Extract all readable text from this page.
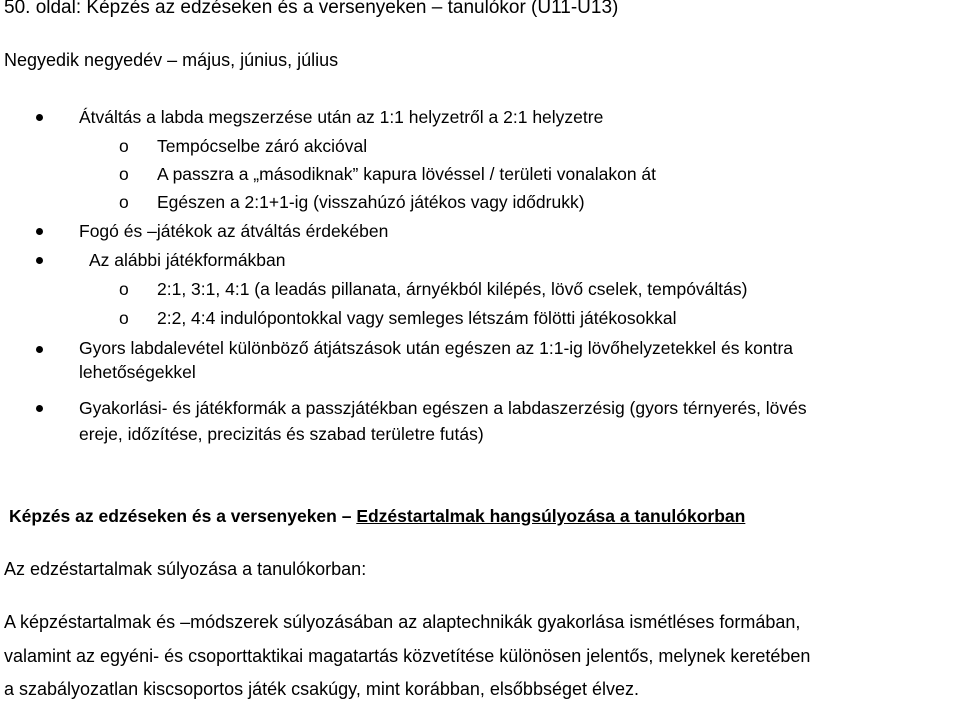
50. oldal: Képzés az edzéseken és a versenyeken – tanulókor (U11-U13)
Negyedik negyedév – május, június, július
Átváltás a labda megszerzése után az 1:1 helyzetről a 2:1 helyzetre
o Tempócselbe záró akcióval
o A passzra a „másodiknak” kapura lövéssel / területi vonalakon át
o Egészen a 2:1+1-ig (visszahúzó játékos vagy idődrukk)
Fogó és –játékok az átváltás érdekében
Az alábbi játékformákban
o 2:1, 3:1, 4:1 (a leadás pillanata, árnyékból kilépés, lövő cselek, tempóváltás)
o 2:2, 4:4 indulópontokkal vagy semleges létszám fölötti játékosokkal
Gyors labdalevétel különböző átjátszások után egészen az 1:1-ig lövőhelyzetekkel és kontra
lehetőségekkel
Gyakorlási- és játékformák a passzjátékban egészen a labdaszerzésig (gyors térnyerés, lövés
ereje, időzítése, precizitás és szabad területre futás)
Képzés az edzéseken és a versenyeken – Edzéstartalmak hangsúlyozása a tanulókorban
Az edzéstartalmak súlyozása a tanulókorban:
A képzéstartalmak és –módszerek súlyozásában az alaptechnikák gyakorlása ismétléses formában,
valamint az egyéni- és csoporttaktikai magatartás közvetítése különösen jelentős, melynek keretében
a szabályozatlan kiscsoportos játék csakúgy, mint korábban, elsőbbséget élvez.
